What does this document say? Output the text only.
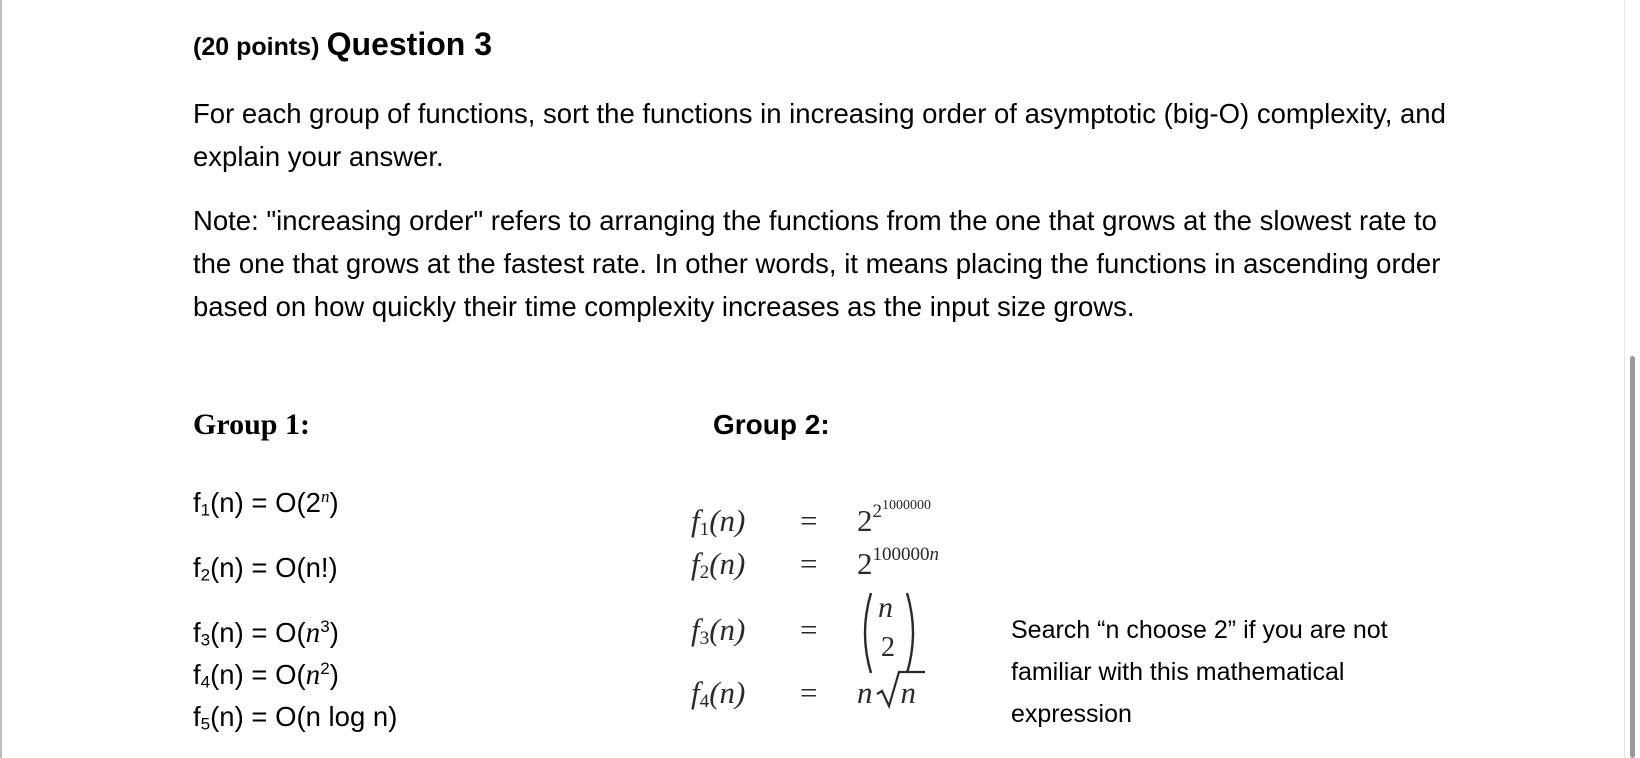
(20 points) Question 3
For each group of functions, sort the functions in increasing order of asymptotic (big-O) complexity, and explain your answer.
Note: "increasing order" refers to arranging the functions from the one that grows at the slowest rate to the one that grows at the fastest rate. In other words, it means placing the functions in ascending order based on how quickly their time complexity increases as the input size grows.
Group 1:
$f_1(n) = O(2^n)$
$f_2(n) = O(n!)$
$f_3(n) = O(n^3)$
$f_4(n) = O(n^2)$
$f_5(n) = O(n$ log n)
Group 2:
$f_1(n) = 2^{2^{1000000}}$
$f_2(n) = 2^{100000n}$
$f_3(n)$ =
n
2
$f_4(n) = n$ n
Search “n choose 2” if you are not familiar with this mathematical expression
